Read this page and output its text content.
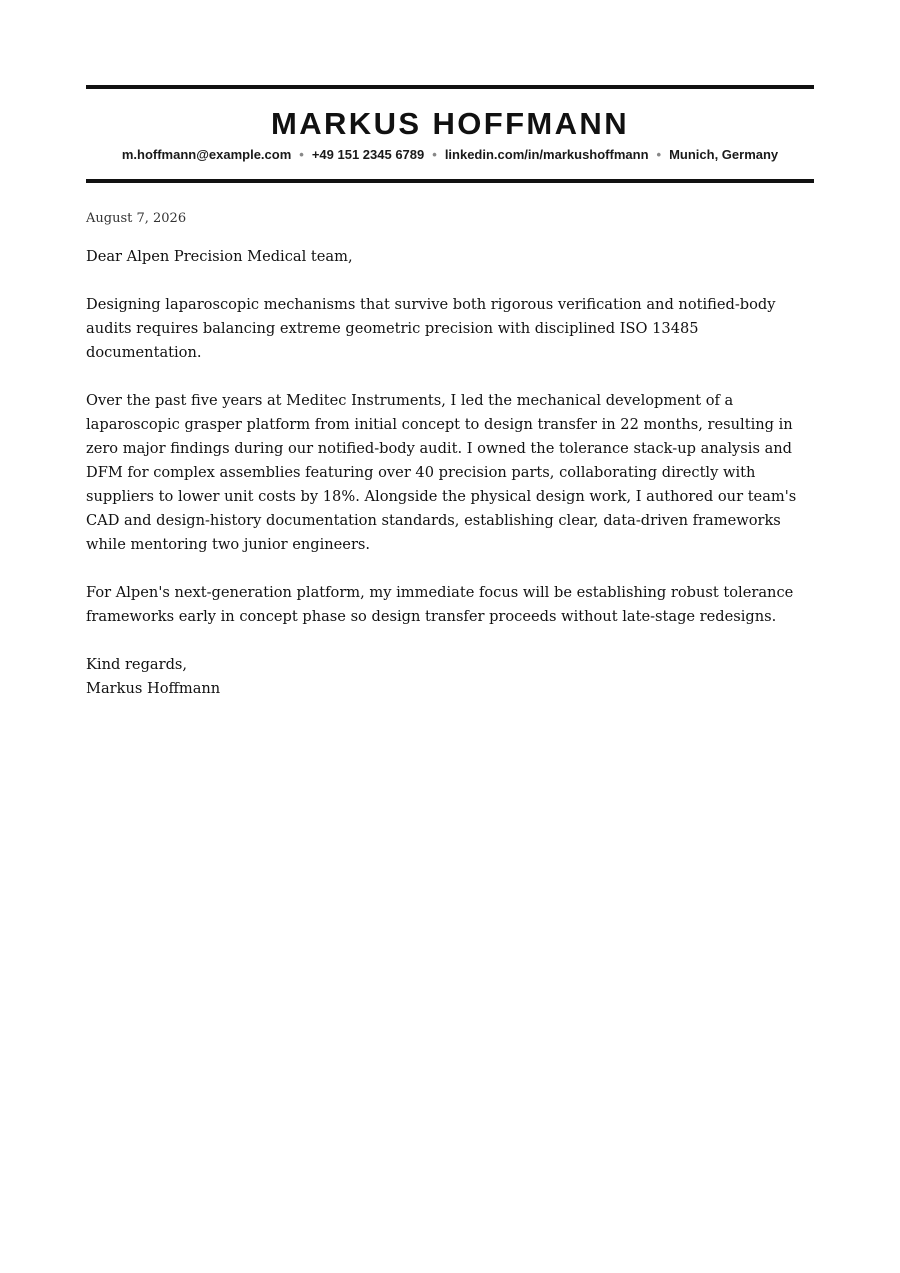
MARKUS HOFFMANN
m.hoffmann@example.com • +49 151 2345 6789 • linkedin.com/in/markushoffmann • Munich, Germany
August 7, 2026

Dear Alpen Precision Medical team,

Designing laparoscopic mechanisms that survive both rigorous verification and notified-body audits requires balancing extreme geometric precision with disciplined ISO 13485 documentation.

Over the past five years at Meditec Instruments, I led the mechanical development of a laparoscopic grasper platform from initial concept to design transfer in 22 months, resulting in zero major findings during our notified-body audit. I owned the tolerance stack-up analysis and DFM for complex assemblies featuring over 40 precision parts, collaborating directly with suppliers to lower unit costs by 18%. Alongside the physical design work, I authored our team's CAD and design-history documentation standards, establishing clear, data-driven frameworks while mentoring two junior engineers.

For Alpen's next-generation platform, my immediate focus will be establishing robust tolerance frameworks early in concept phase so design transfer proceeds without late-stage redesigns.

Kind regards,

Markus Hoffmann
